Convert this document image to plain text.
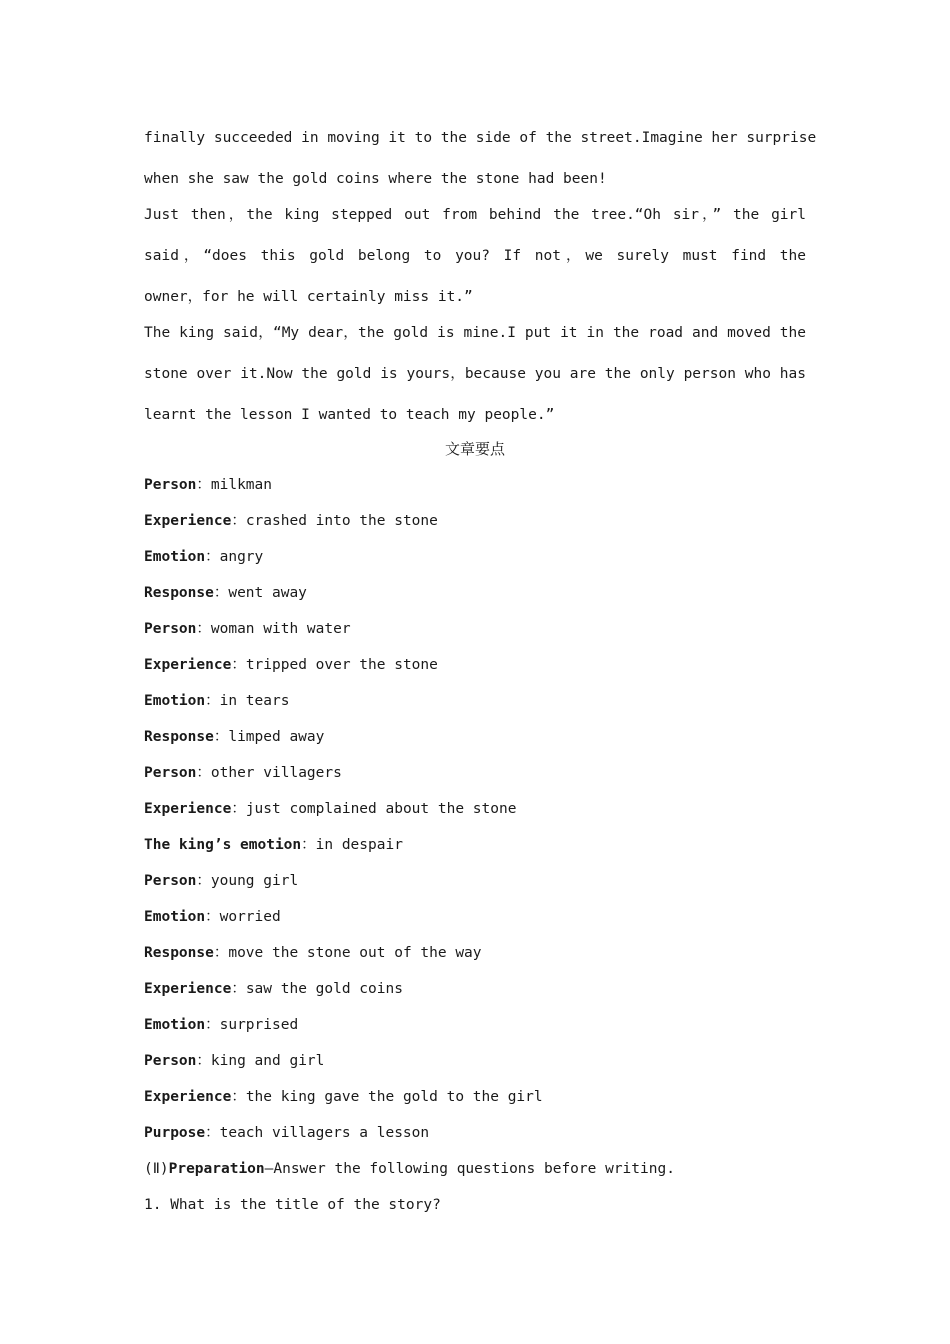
finally succeeded in moving it to the side of the street.Imagine her surprise
when she saw the gold coins where the stone had been!
Just then，the king stepped out from behind the tree.“Oh sir，” the girl
said，“does this gold belong to you? If not，we surely must find the
owner，for he will certainly miss it.”
The king said，“My dear，the gold is mine.I put it in the road and moved the
stone over it.Now the gold is yours，because you are the only person who has
learnt the lesson I wanted to teach my people.”
文章要点
Person：milkman
Experience：crashed into the stone
Emotion：angry
Response：went away
Person：woman with water
Experience：tripped over the stone
Emotion：in tears
Response：limped away
Person：other villagers
Experience：just complained about the stone
The king’s emotion：in despair
Person：young girl
Emotion：worried
Response：move the stone out of the way
Experience：saw the gold coins
Emotion：surprised
Person：king and girl
Experience：the king gave the gold to the girl
Purpose：teach villagers a lesson
(Ⅱ)Preparation—Answer the following questions before writing.
1. What is the title of the story?
